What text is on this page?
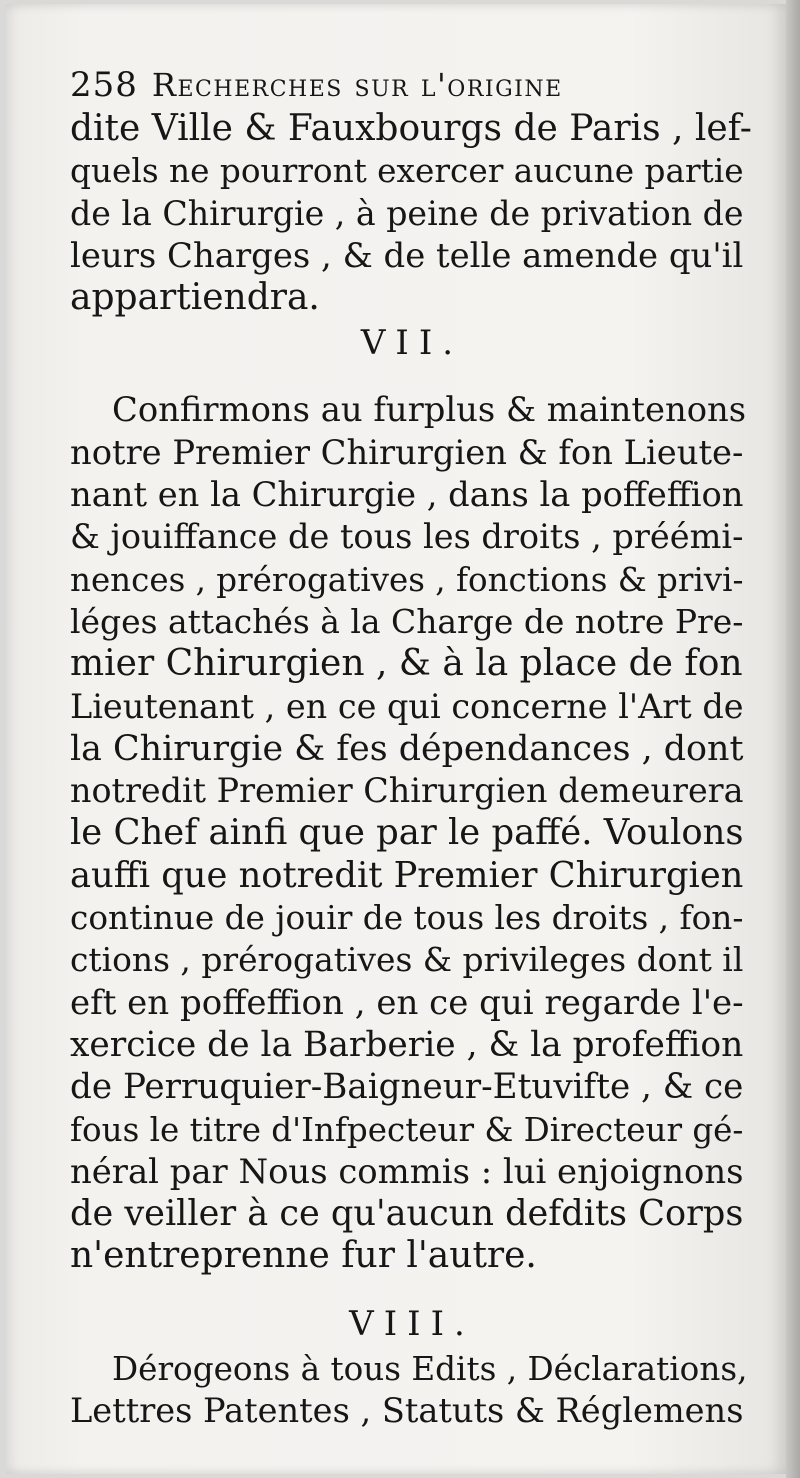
258 Recherches sur l'origine
dite Ville & Fauxbourgs de Paris , lef-
quels ne pourront exercer aucune partie
de la Chirurgie , à peine de privation de
leurs Charges , & de telle amende qu'il
appartiendra.
VII.
Confirmons au furplus & maintenons
notre Premier Chirurgien & fon Lieute-
nant en la Chirurgie , dans la poffeffion
& jouiffance de tous les droits , préémi-
nences , prérogatives , fonctions & privi-
léges attachés à la Charge de notre Pre-
mier Chirurgien , & à la place de fon
Lieutenant , en ce qui concerne l'Art de
la Chirurgie & fes dépendances , dont
notredit Premier Chirurgien demeurera
le Chef ainfi que par le paffé. Voulons
auffi que notredit Premier Chirurgien
continue de jouir de tous les droits , fon-
ctions , prérogatives & privileges dont il
eft en poffeffion , en ce qui regarde l'e-
xercice de la Barberie , & la profeffion
de Perruquier-Baigneur-Etuvifte , & ce
fous le titre d'Infpecteur & Directeur gé-
néral par Nous commis : lui enjoignons
de veiller à ce qu'aucun defdits Corps
n'entreprenne fur l'autre.
VIII.
Dérogeons à tous Edits , Déclarations,
Lettres Patentes , Statuts & Réglemens
